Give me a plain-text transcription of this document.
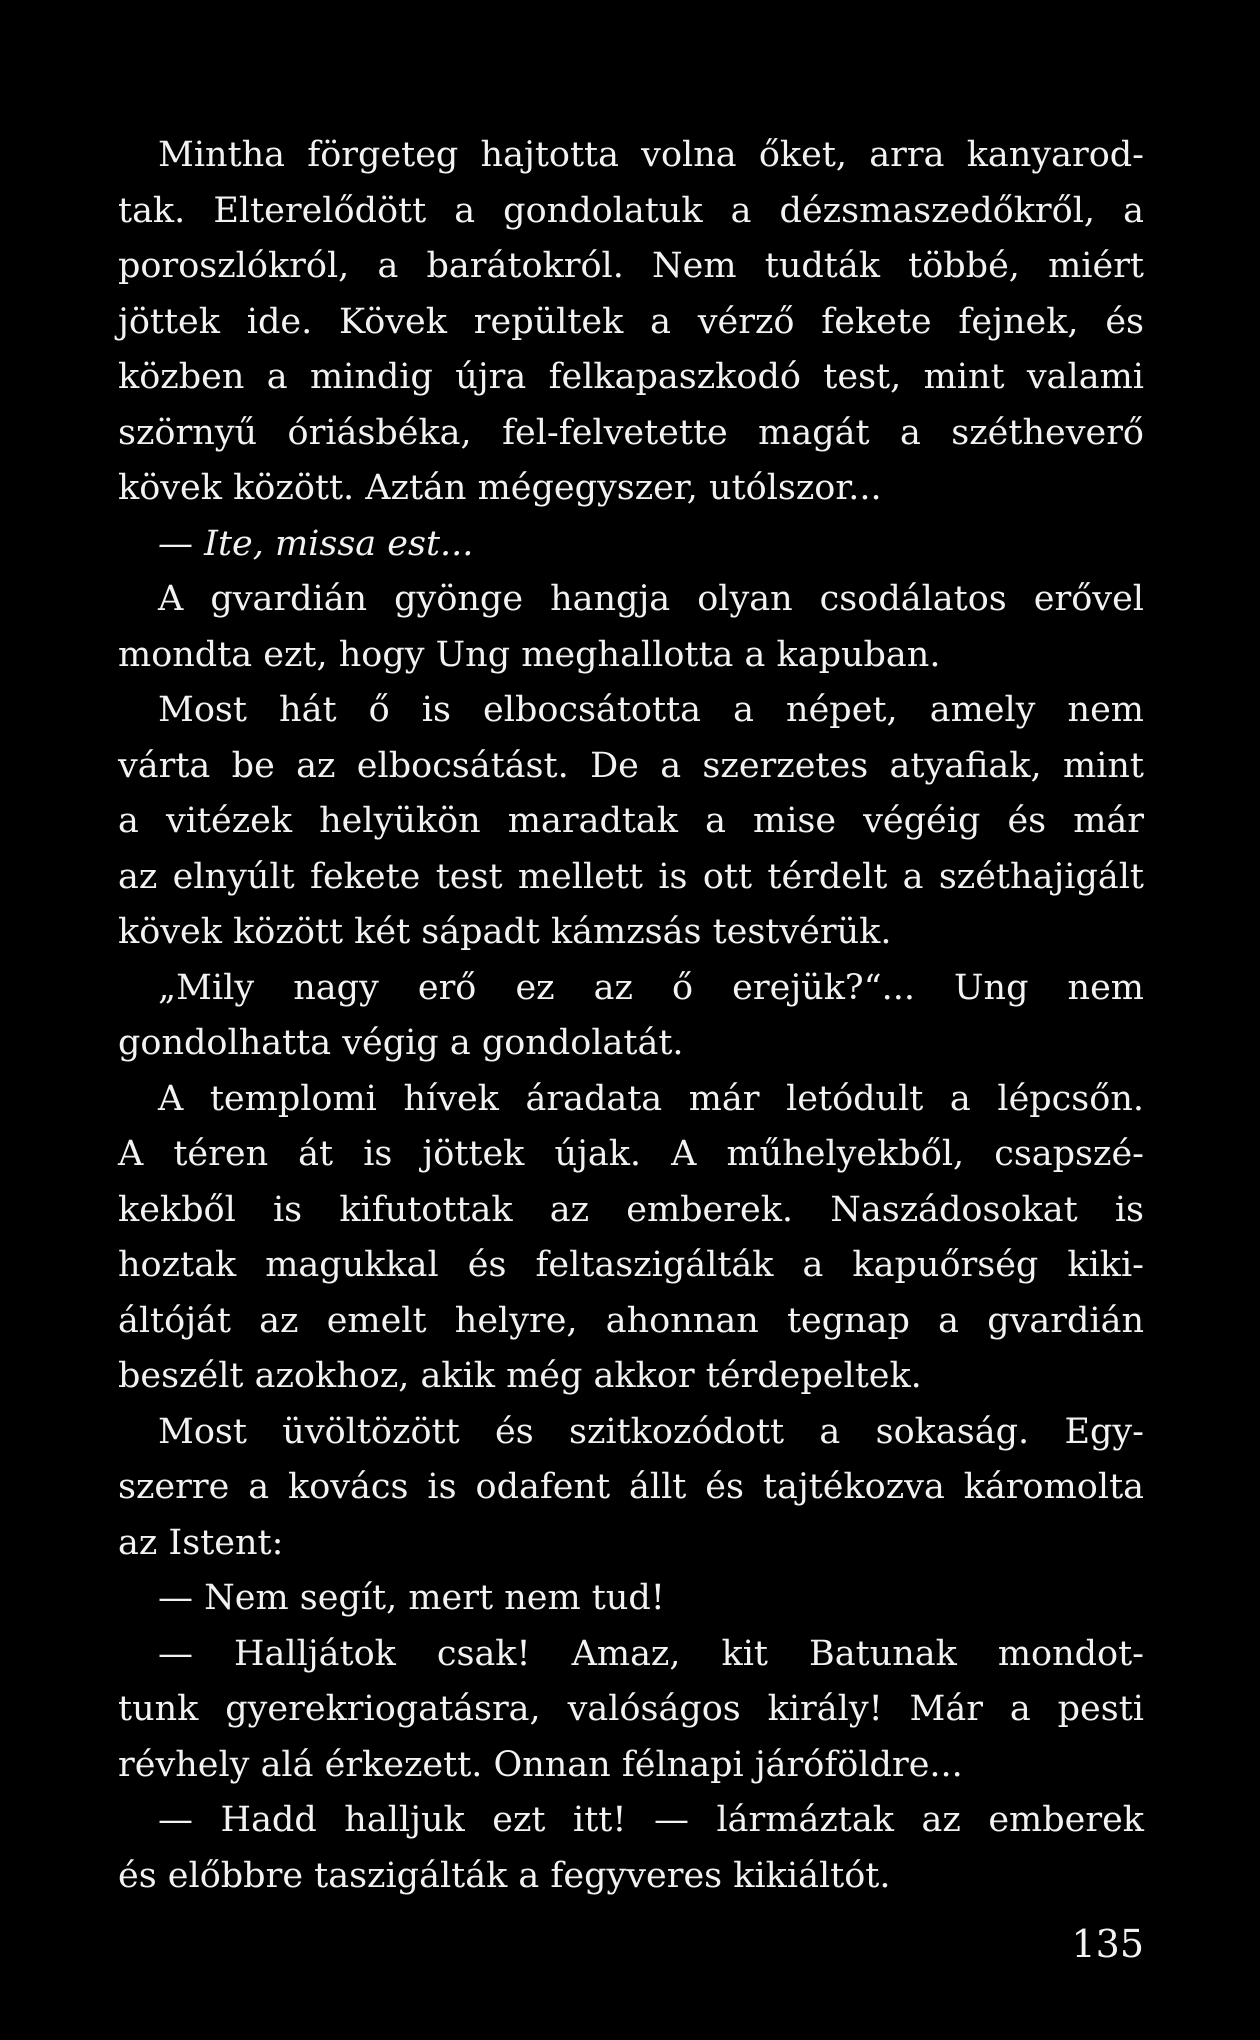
Mintha förgeteg hajtotta volna őket, arra kanyarod-
tak. Elterelődött a gondolatuk a dézsmaszedőkről, a
poroszlókról, a barátokról. Nem tudták többé, miért
jöttek ide. Kövek repültek a vérző fekete fejnek, és
közben a mindig újra felkapaszkodó test, mint valami
szörnyű óriásbéka, fel-felvetette magát a szétheverő
kövek között. Aztán mégegyszer, utólszor...
— Ite, missa est...
A gvardián gyönge hangja olyan csodálatos erővel
mondta ezt, hogy Ung meghallotta a kapuban.
Most hát ő is elbocsátotta a népet, amely nem
várta be az elbocsátást. De a szerzetes atyafiak, mint
a vitézek helyükön maradtak a mise végéig és már
az elnyúlt fekete test mellett is ott térdelt a széthajigált
kövek között két sápadt kámzsás testvérük.
„Mily nagy erő ez az ő erejük?“... Ung nem
gondolhatta végig a gondolatát.
A templomi hívek áradata már letódult a lépcsőn.
A téren át is jöttek újak. A műhelyekből, csapszé-
kekből is kifutottak az emberek. Naszádosokat is
hoztak magukkal és feltaszigálták a kapuőrség kiki-
áltóját az emelt helyre, ahonnan tegnap a gvardián
beszélt azokhoz, akik még akkor térdepeltek.
Most üvöltözött és szitkozódott a sokaság. Egy-
szerre a kovács is odafent állt és tajtékozva káromolta
az Istent:
— Nem segít, mert nem tud!
— Halljátok csak! Amaz, kit Batunak mondot-
tunk gyerekriogatásra, valóságos király! Már a pesti
révhely alá érkezett. Onnan félnapi járóföldre...
— Hadd halljuk ezt itt! — lármáztak az emberek
és előbbre taszigálták a fegyveres kikiáltót.
135
